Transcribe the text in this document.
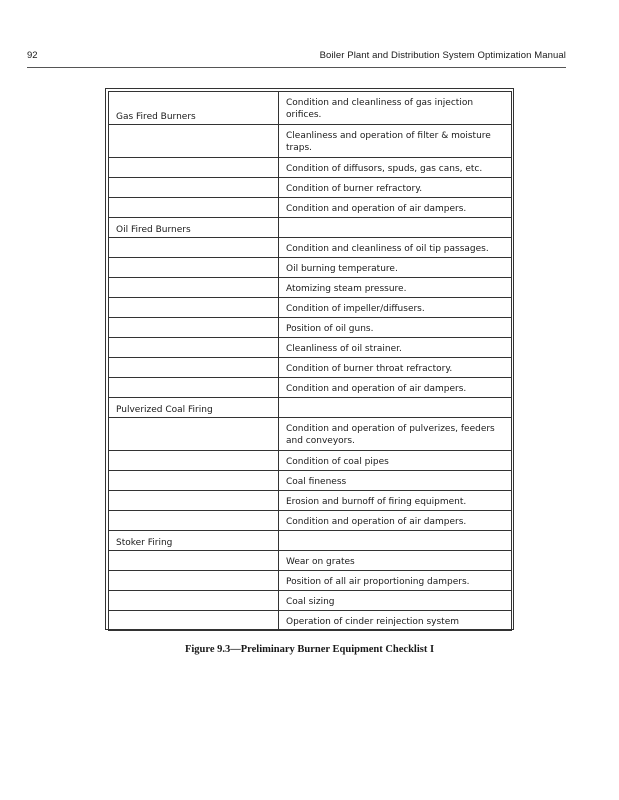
92	Boiler Plant and Distribution System Optimization Manual
Gas Fired Burners	Condition and cleanliness of gas injection orifices.
	Cleanliness and operation of filter & moisture traps.
	Condition of diffusors, spuds, gas cans, etc.
	Condition of burner refractory.
	Condition and operation of air dampers.
Oil Fired Burners	
	Condition and cleanliness of oil tip passages.
	Oil burning temperature.
	Atomizing steam pressure.
	Condition of impeller/diffusers.
	Position of oil guns.
	Cleanliness of oil strainer.
	Condition of burner throat refractory.
	Condition and operation of air dampers.
Pulverized Coal Firing	
	Condition and operation of pulverizes, feeders and conveyors.
	Condition of coal pipes
	Coal fineness
	Erosion and burnoff of firing equipment.
	Condition and operation of air dampers.
Stoker Firing	
	Wear on grates
	Position of all air proportioning dampers.
	Coal sizing
	Operation of cinder reinjection system
Figure 9.3—Preliminary Burner Equipment Checklist I
